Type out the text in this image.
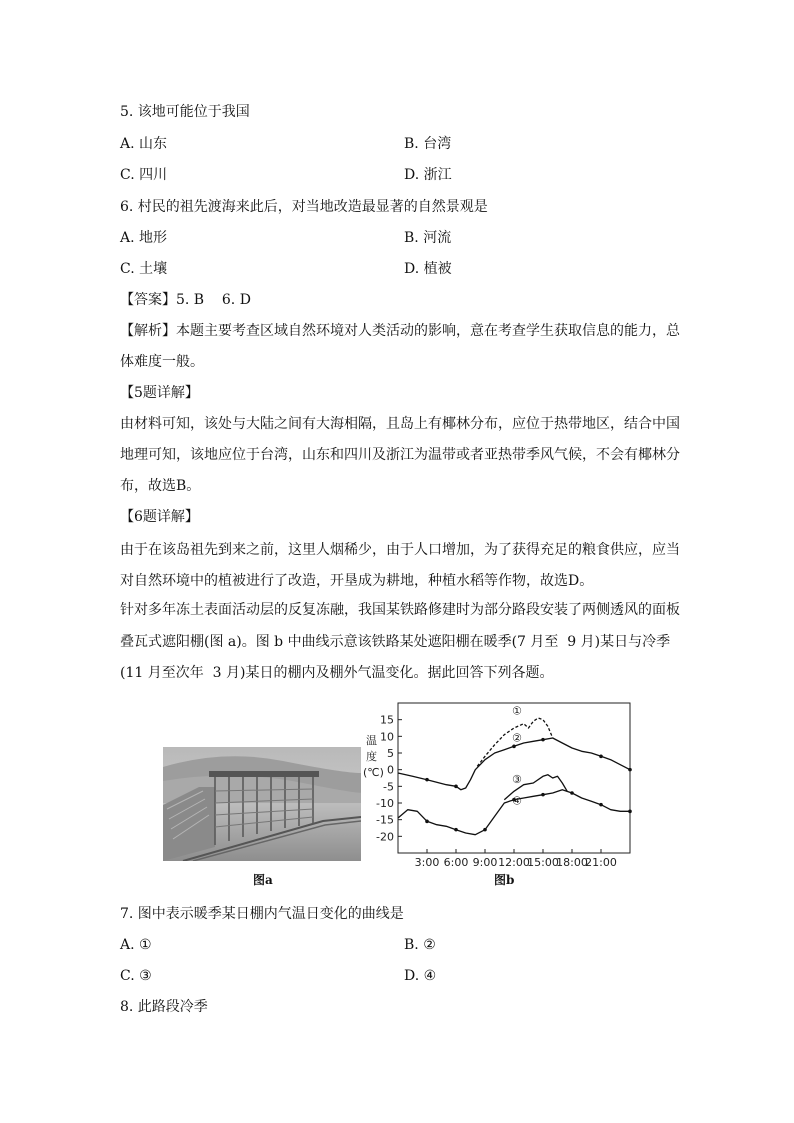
5. 该地可能位于我国
A. 山东	B. 台湾
C. 四川	D. 浙江
6. 村民的祖先渡海来此后，对当地改造最显著的自然景观是
A. 地形	B. 河流
C. 土壤	D. 植被
【答案】5. B    6. D
【解析】本题主要考查区域自然环境对人类活动的影响，意在考查学生获取信息的能力，总
体难度一般。
【5题详解】
由材料可知，该处与大陆之间有大海相隔，且岛上有椰林分布，应位于热带地区，结合中国
地理可知，该地应位于台湾，山东和四川及浙江为温带或者亚热带季风气候，不会有椰林分
布，故选B。
【6题详解】
由于在该岛祖先到来之前，这里人烟稀少，由于人口增加，为了获得充足的粮食供应，应当
对自然环境中的植被进行了改造，开垦成为耕地，种植水稻等作物，故选D。
针对多年冻土表面活动层的反复冻融，我国某铁路修建时为部分路段安装了两侧透风的面板
叠瓦式遮阳棚(图 a)。图 b 中曲线示意该铁路某处遮阳棚在暖季(7 月至  9 月)某日与冷季
(11 月至次年  3 月)某日的棚内及棚外气温变化。据此回答下列各题。
图a
15
10
5
0
-5
-10
-15
-20
3:00 6:00 9:00 12:00
15:00
18:00
21:00
温
度
(℃)
①
②
③
④
图b
7. 图中表示暖季某日棚内气温日变化的曲线是
A. ①	B. ②
C. ③	D. ④
8. 此路段冷季
